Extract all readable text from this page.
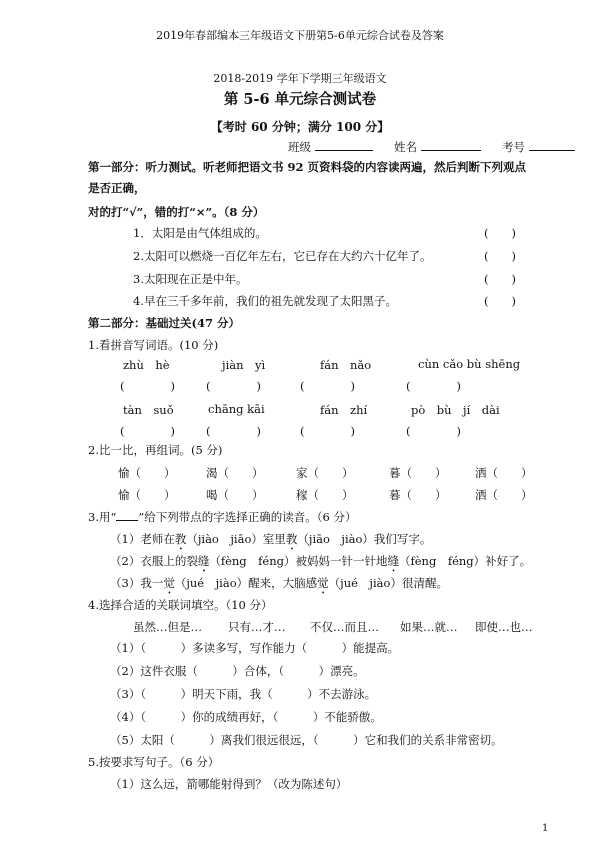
2019年春部编本三年级语文下册第5-6单元综合试卷及答案
2018-2019 学年下学期三年级语文
第 5-6 单元综合测试卷
【考时 60 分钟；满分 100 分】
班级	姓名	考号
第一部分：听力测试。听老师把语文书 92 页资料袋的内容读两遍，然后判断下列观点
是否正确，
对的打“√”，错的打“×”。（8 分）
1．太阳是由气体组成的。	(　　)
2.太阳可以燃烧一百亿年左右，它已存在大约六十亿年了。	(　　)
3.太阳现在正是中年。	(　　)
4.早在三千多年前，我们的祖先就发现了太阳黑子。	(　　)
第二部分：基础过关(47 分）
1.看拼音写词语。(10 分)
zhù　hè	jiàn　yì	fán　nǎo	cùn cǎo bù shēng
(　　　　)	(　　　　)	(　　　　)	(　　　　)
tàn　suǒ	chāng kāi	fán　zhí	pò　bù　jí　dài
(　　　　)	(　　　　)	(　　　　)	(　　　　)
2.比一比，再组词。(5 分)
愉（　　）	渴（　　）	家（　　）	暮（　　） 洒（　　）
愉（　　）	喝（　　）	稼（　　）	暮（　　） 洒（　　）
3.用“ ”给下列带点的字选择正确的读音。（6 分）
（1）老师在教（jiào　jiāo）室里教（jiāo　jiào）我们写字。
（2）衣服上的裂缝（fèng　féng）被妈妈一针一针地缝（fèng　féng）补好了。
（3）我一觉（jué　jiào）醒来，大脑感觉（jué　jiào）很清醒。
4.选择合适的关联词填空。（10 分）
虽然…但是… 只有…才… 不仅…而且… 如果…就… 即使…也…
（1）（　　　）多读多写，写作能力（　　　）能提高。
（2）这件衣服（　　　）合体，（　　　）漂亮。
（3）（　　　）明天下雨，我（　　　）不去游泳。
（4）（　　　）你的成绩再好，（　　　）不能骄傲。
（5）太阳（　　　）离我们很远很远，（　　　）它和我们的关系非常密切。
5.按要求写句子。（6 分）
（1）这么远，箭哪能射得到？（改为陈述句）
1
